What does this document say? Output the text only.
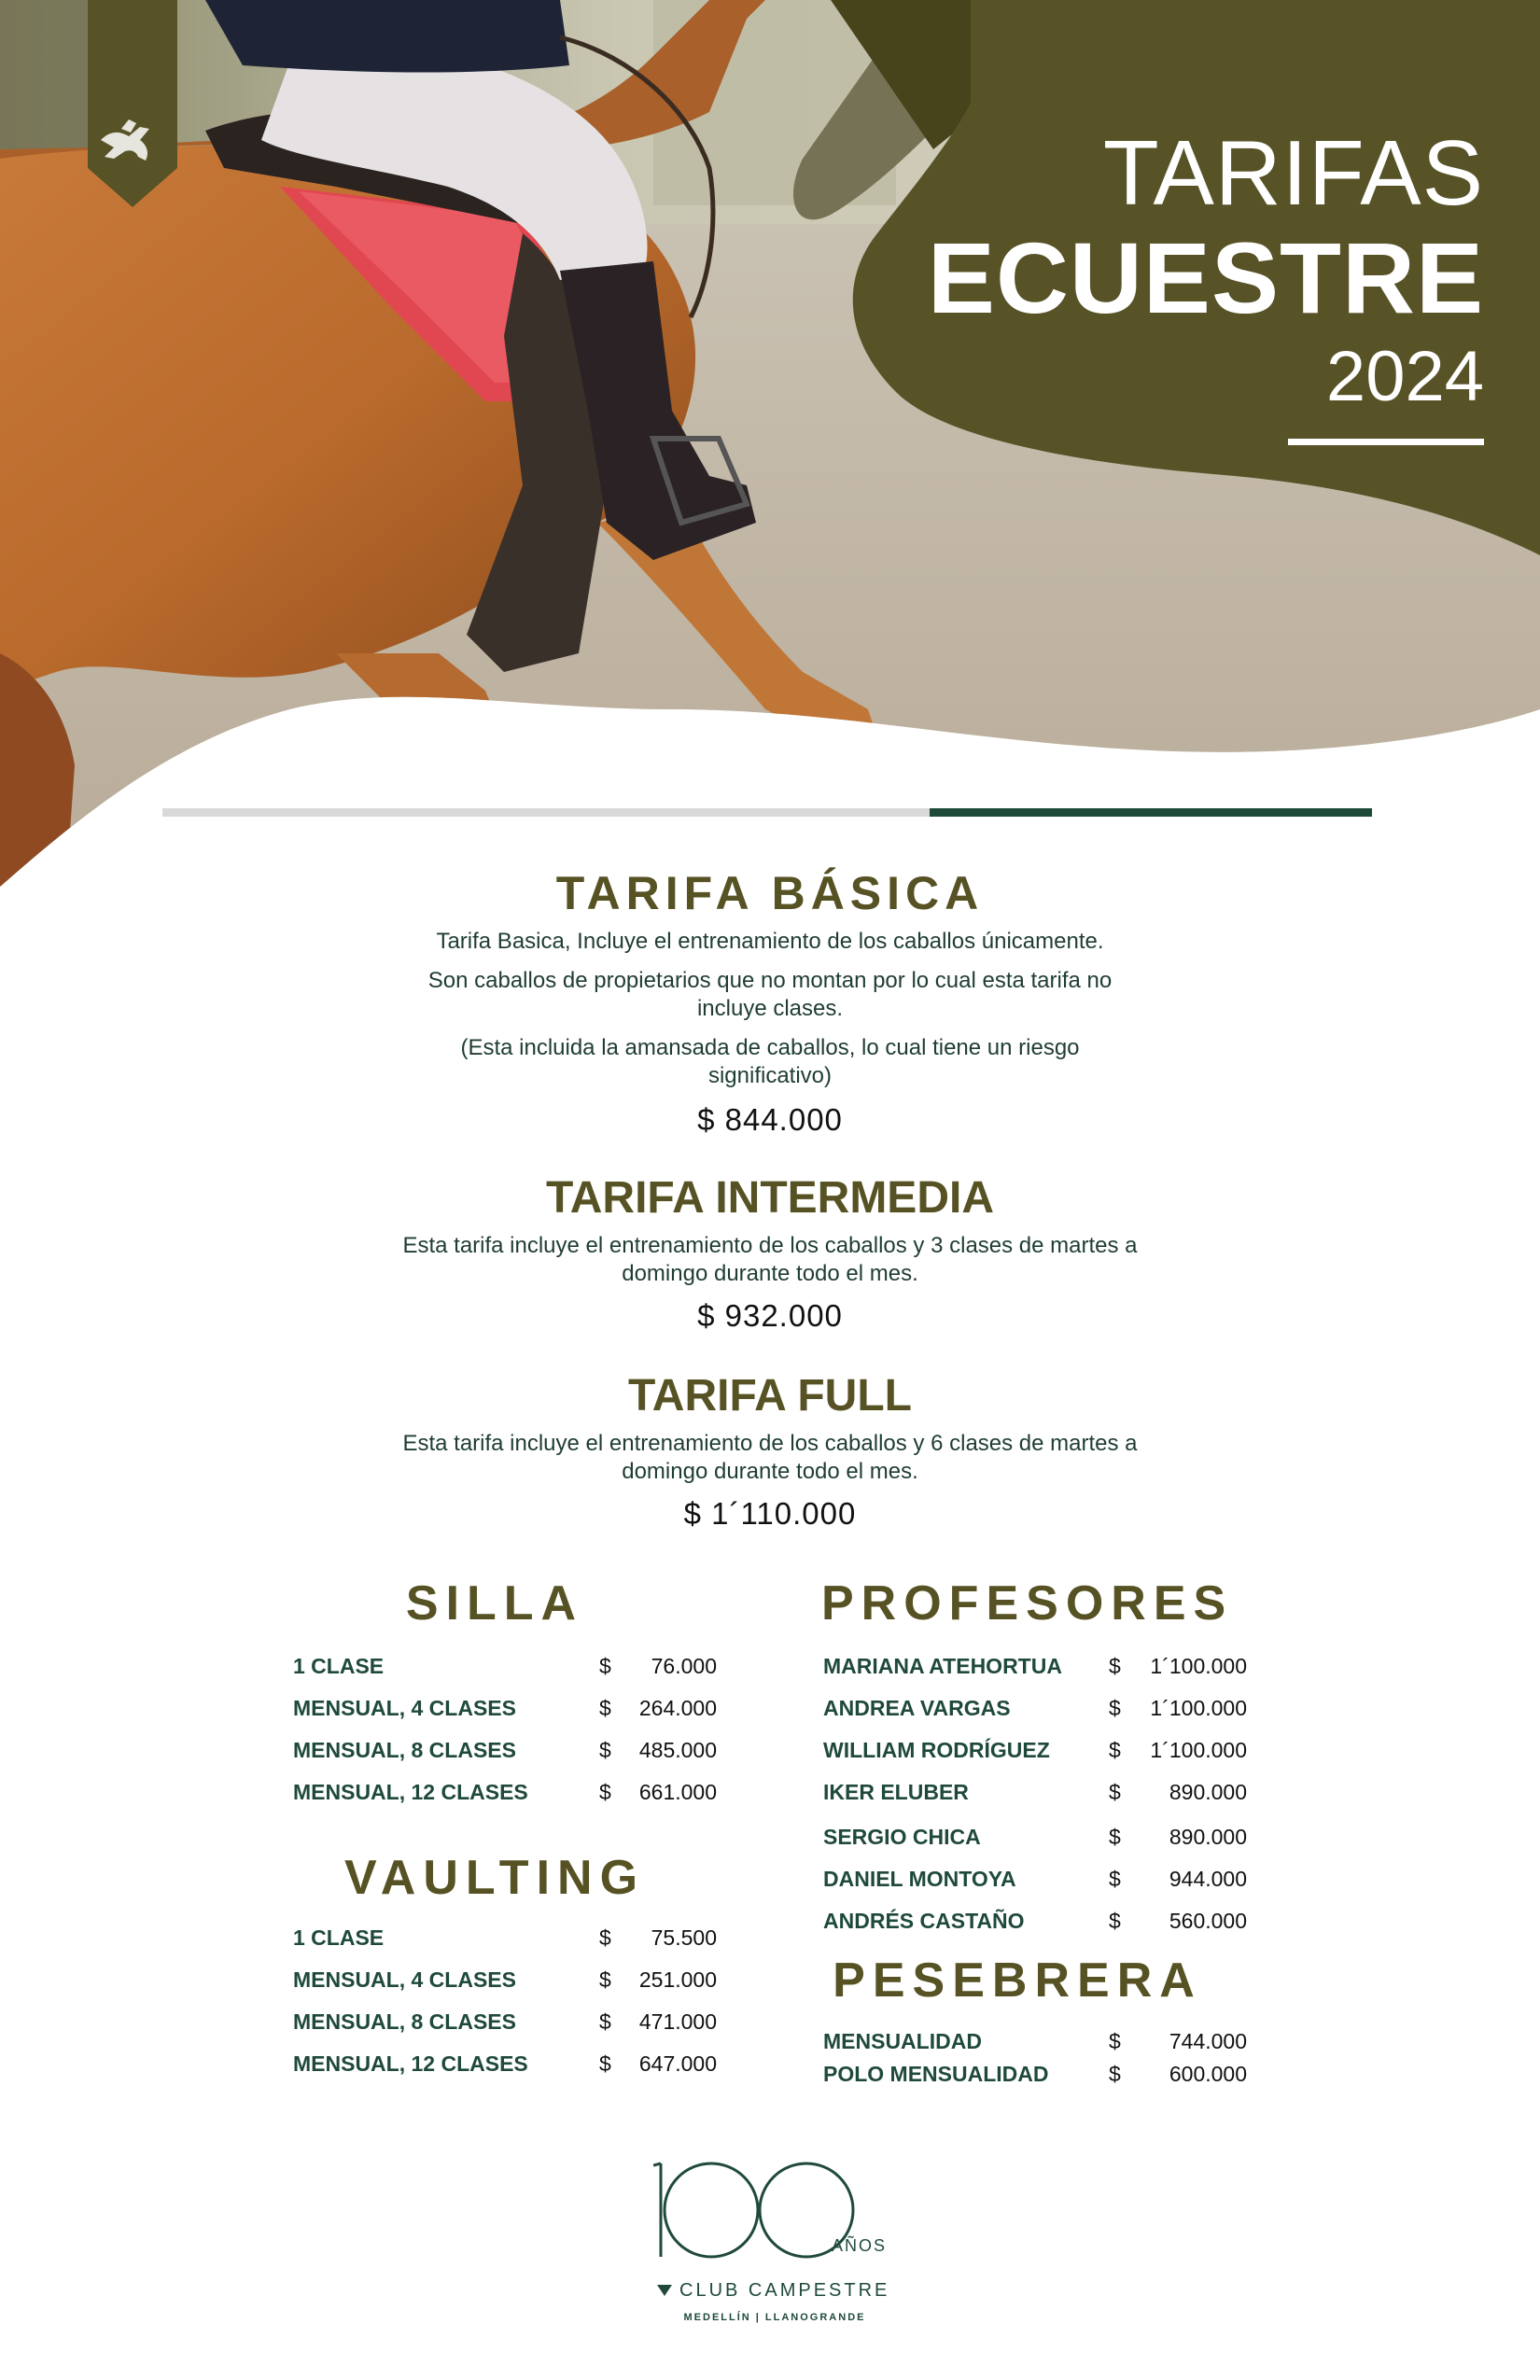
TARIFAS
ECUESTRE
2024
TARIFA BÁSICA
Tarifa Basica, Incluye el entrenamiento de los caballos únicamente.
Son caballos de propietarios que no montan por lo cual esta tarifa no
incluye clases.
(Esta incluida la amansada de caballos, lo cual tiene un riesgo
significativo)
$ 844.000
TARIFA INTERMEDIA
Esta tarifa incluye el entrenamiento de los caballos y 3 clases de martes a
domingo durante todo el mes.
$ 932.000
TARIFA FULL
Esta tarifa incluye el entrenamiento de los caballos y 6 clases de martes a
domingo durante todo el mes.
$ 1´110.000
SILLA
1 CLASE	$	76.000
MENSUAL, 4 CLASES	$	264.000
MENSUAL, 8 CLASES	$	485.000
MENSUAL, 12 CLASES	$	661.000
VAULTING
1 CLASE	$	75.500
MENSUAL, 4 CLASES	$	251.000
MENSUAL, 8 CLASES	$	471.000
MENSUAL, 12 CLASES	$	647.000
PROFESORES
MARIANA ATEHORTUA $	1´100.000
ANDREA VARGAS	$	1´100.000
WILLIAM RODRÍGUEZ	$	1´100.000
IKER ELUBER	$	890.000
SERGIO CHICA	$	890.000
DANIEL MONTOYA	$	944.000
ANDRÉS CASTAÑO	$	560.000
PESEBRERA
MENSUALIDAD	$	744.000
POLO MENSUALIDAD	$	600.000
AÑOS
CLUB CAMPESTRE
MEDELLÍN | LLANOGRANDE
